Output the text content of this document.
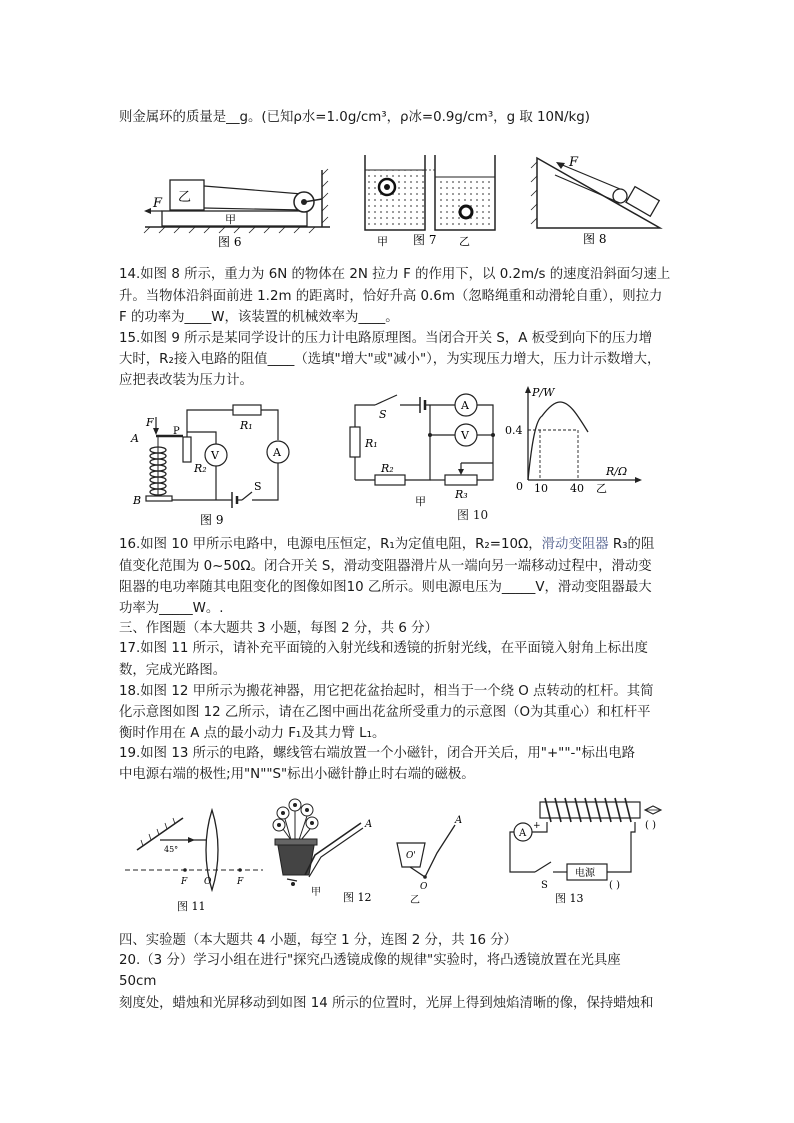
则金属环的质量是__g。(已知ρ水=1.0g/cm³，ρ冰=0.9g/cm³，g 取 10N/kg)
14.如图 8 所示，重力为 6N 的物体在 2N 拉力 F 的作用下，以 0.2m/s 的速度沿斜面匀速上
升。当物体沿斜面前进 1.2m 的距离时，恰好升高 0.6m（忽略绳重和动滑轮自重），则拉力
F 的功率为____W，该装置的机械效率为____。
15.如图 9 所示是某同学设计的压力计电路原理图。当闭合开关 S，A 板受到向下的压力增
大时，R₂接入电路的阻值____（选填"增大"或"减小"），为实现压力增大，压力计示数增大，
应把表改装为压力计。
16.如图 10 甲所示电路中，电源电压恒定，R₁为定值电阻，R₂=10Ω，滑动变阻器 R₃的阻
值变化范围为 0~50Ω。闭合开关 S，滑动变阻器滑片从一端向另一端移动过程中，滑动变
阻器的电功率随其电阻变化的图像如图10 乙所示。则电源电压为_____V，滑动变阻器最大
功率为_____W。.
三、作图题（本大题共 3 小题，每图 2 分，共 6 分）
17.如图 11 所示，请补充平面镜的入射光线和透镜的折射光线，在平面镜入射角上标出度
数，完成光路图。
18.如图 12 甲所示为搬花神器，用它把花盆抬起时，相当于一个绕 O 点转动的杠杆。其简
化示意图如图 12 乙所示，请在乙图中画出花盆所受重力的示意图（O为其重心）和杠杆平
衡时作用在 A 点的最小动力 F₁及其力臂 L₁。
19.如图 13 所示的电路，螺线管右端放置一个小磁针，闭合开关后，用"+""-"标出电路
中电源右端的极性;用"N""S"标出小磁针静止时右端的磁极。
四、实验题（本大题共 4 小题，每空 1 分，连图 2 分，共 16 分）
20.（3 分）学习小组在进行"探究凸透镜成像的规律"实验时，将凸透镜放置在光具座
50cm
刻度处，蜡烛和光屏移动到如图 14 所示的位置时，光屏上得到烛焰清晰的像，保持蜡烛和
F 乙
甲
图 6	甲 图 7 乙
F
图 8
F
A
B
P
R₂
R₁
A
V
S
图 9
S
A
V
R₁
R₂
R₃
甲
图 10
P/W
R/Ω
0.4
0 10 40 乙
45°
F	F
O
图 11
A
甲 图 12
O'
O
A
乙
( )
A
+
S
电源
( )
图 13
